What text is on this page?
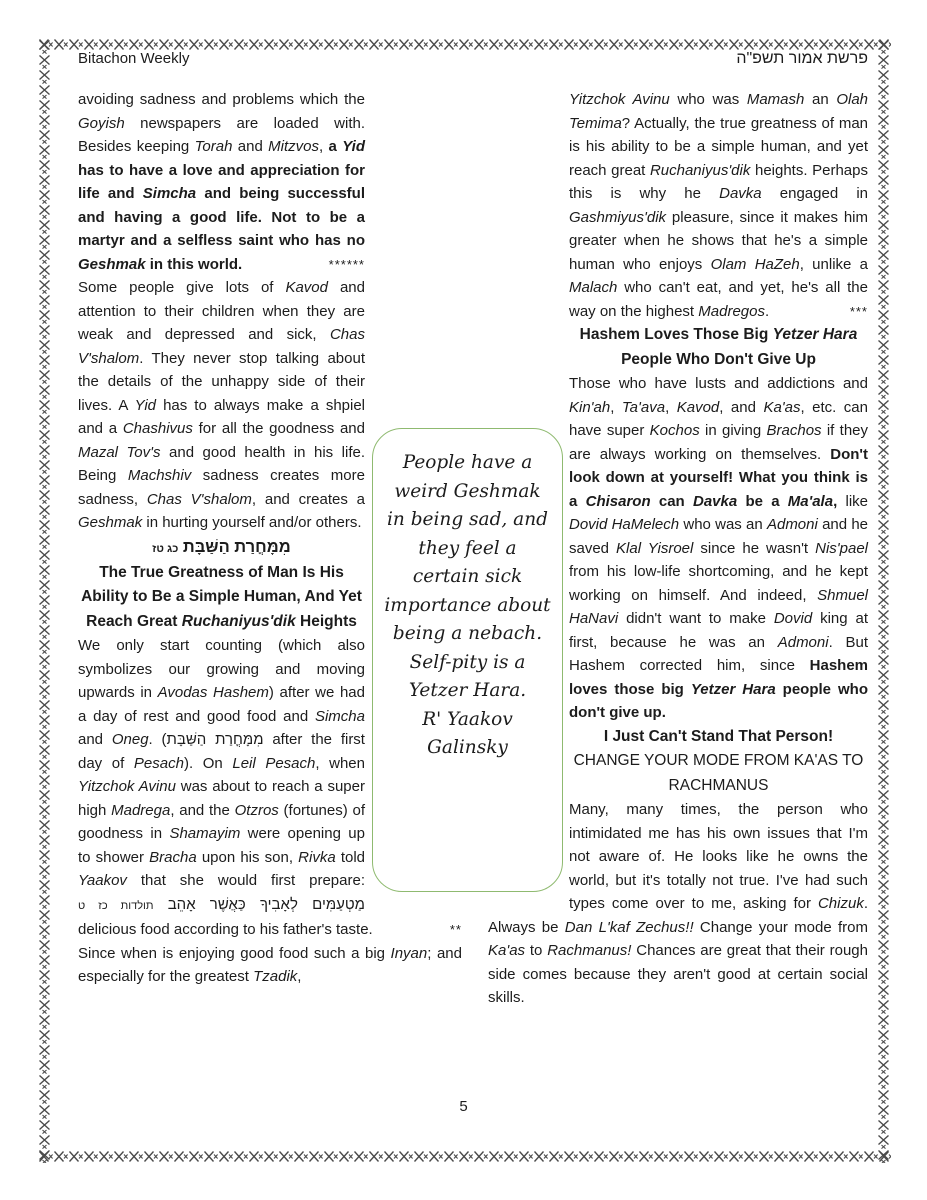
Bitachon Weekly	פרשת אמור תשפ"ה

avoiding sadness and problems which the Goyish newspapers are loaded with. Besides keeping Torah and Mitzvos, a Yid has to have a love and appreciation for life and Simcha and being successful and having a good life. Not to be a martyr and a selfless saint who has no Geshmak in this world.	******

Some people give lots of Kavod and attention to their children when they are weak and depressed and sick, Chas V'shalom. They never stop talking about the details of the unhappy side of their lives. A Yid has to always make a shpiel and a Chashivus for all the goodness and Mazal Tov's and good health in his life. Being Machshiv sadness creates more sadness, Chas V'shalom, and creates a Geshmak in hurting yourself and/or others.

מִמָּחֳרַת הַשַּׁבָּת כג טז
The True Greatness of Man Is His Ability to Be a Simple Human, And Yet Reach Great Ruchaniyus'dik Heights

We only start counting (which also symbolizes our growing and moving upwards in Avodas Hashem) after we had a day of rest and good food and Simcha and Oneg. (מִמָּחֳרַת הַשַּׁבָּת after the first day of Pesach). On Leil Pesach, when Yitzchok Avinu was about to reach a super high Madrega, and the Otzros (fortunes) of goodness in Shamayim were opening up to shower Bracha upon his son, Rivka told Yaakov that she would first prepare: מַטְעַמִּים לְאָבִיךָ כַּאֲשֶׁר אָהֵב תולדות כז ט delicious food according to his father's taste.	**

Since when is enjoying good food such a big Inyan; and especially for the greatest Tzadik,

Yitzchok Avinu who was Mamash an Olah Temima? Actually, the true greatness of man is his ability to be a simple human, and yet reach great Ruchaniyus'dik heights. Perhaps this is why he Davka engaged in Gashmiyus'dik pleasure, since it makes him greater when he shows that he's a simple human who enjoys Olam HaZeh, unlike a Malach who can't eat, and yet, he's all the way on the highest Madregos.	***

Hashem Loves Those Big Yetzer Hara People Who Don't Give Up

Those who have lusts and addictions and Kin'ah, Ta'ava, Kavod, and Ka'as, etc. can have super Kochos in giving Brachos if they are always working on themselves. Don't look down at yourself! What you think is a Chisaron can Davka be a Ma'ala, like Dovid HaMelech who was an Admoni and he saved Klal Yisroel since he wasn't Nis'pael from his low-life shortcoming, and he kept working on himself. And indeed, Shmuel HaNavi didn't want to make Dovid king at first, because he was an Admoni. But Hashem corrected him, since Hashem loves those big Yetzer Hara people who don't give up.

I Just Can't Stand That Person!
CHANGE YOUR MODE FROM KA'AS TO RACHMANUS

Many, many times, the person who intimidated me has his own issues that I'm not aware of. He looks like he owns the world, but it's totally not true. I've had such types come over to me, asking for Chizuk. Always be Dan L'kaf Zechus!! Change your mode from Ka'as to Rachmanus! Chances are great that their rough side comes because they aren't good at certain social skills.

People have a weird Geshmak in being sad, and they feel a certain sick importance about being a nebach. Self-pity is a Yetzer Hara.
R' Yaakov Galinsky
5
